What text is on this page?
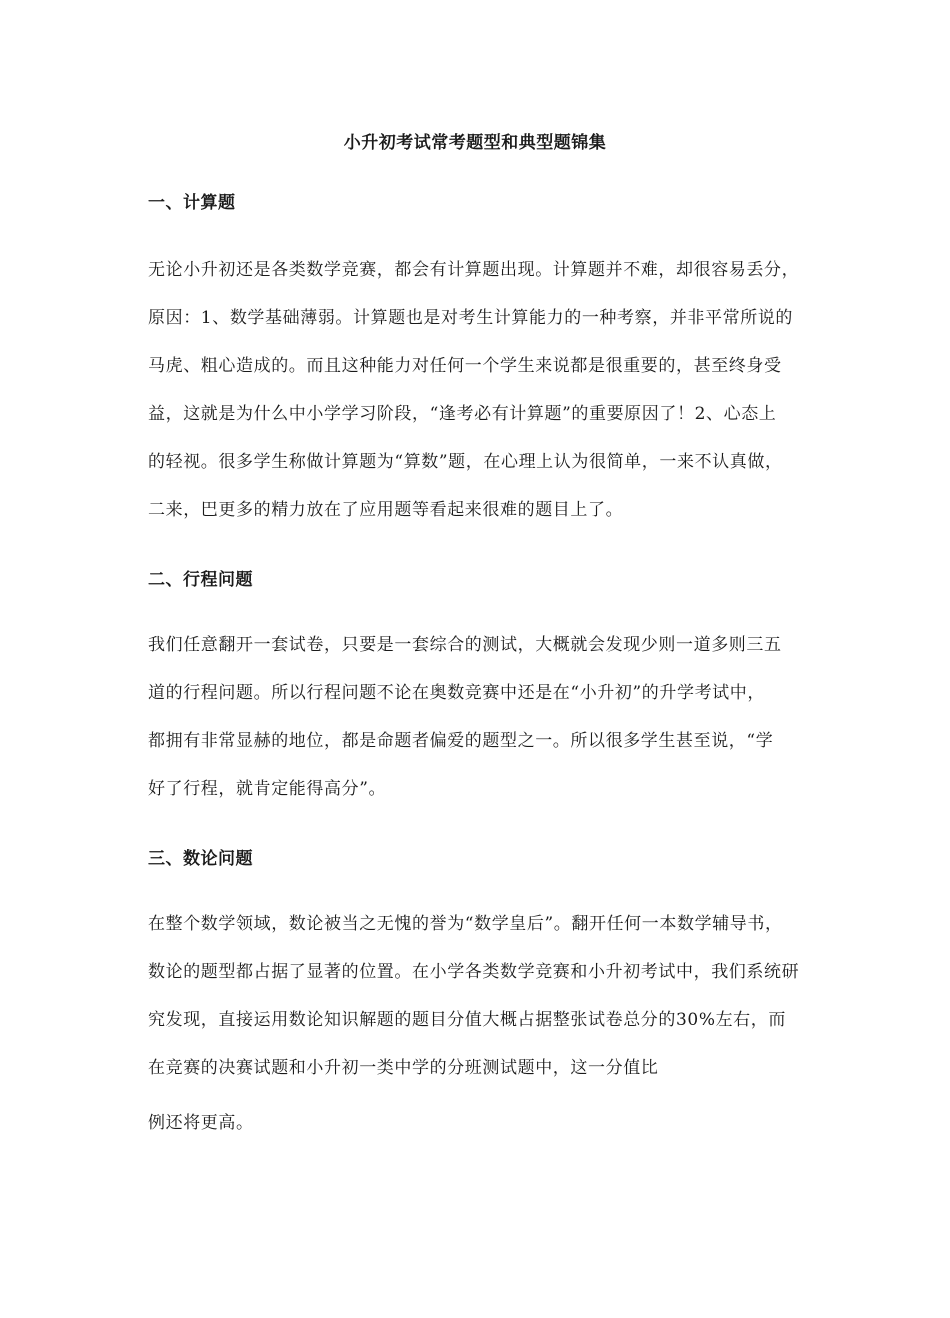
小升初考试常考题型和典型题锦集
一、计算题
无论小升初还是各类数学竞赛，都会有计算题出现。计算题并不难，却很容易丢分，
原因：1、数学基础薄弱。计算题也是对考生计算能力的一种考察，并非平常所说的
马虎、粗心造成的。而且这种能力对任何一个学生来说都是很重要的，甚至终身受
益，这就是为什么中小学学习阶段，“逢考必有计算题”的重要原因了！2、心态上
的轻视。很多学生称做计算题为“算数”题，在心理上认为很简单，一来不认真做，
二来，巴更多的精力放在了应用题等看起来很难的题目上了。
二、行程问题
我们任意翻开一套试卷，只要是一套综合的测试，大概就会发现少则一道多则三五
道的行程问题。所以行程问题不论在奥数竞赛中还是在“小升初”的升学考试中，
都拥有非常显赫的地位，都是命题者偏爱的题型之一。所以很多学生甚至说，“学
好了行程，就肯定能得高分”。
三、数论问题
在整个数学领域，数论被当之无愧的誉为“数学皇后”。翻开任何一本数学辅导书，
数论的题型都占据了显著的位置。在小学各类数学竞赛和小升初考试中，我们系统研
究发现，直接运用数论知识解题的题目分值大概占据整张试卷总分的30%左右，而
在竞赛的决赛试题和小升初一类中学的分班测试题中，这一分值比
例还将更高。
